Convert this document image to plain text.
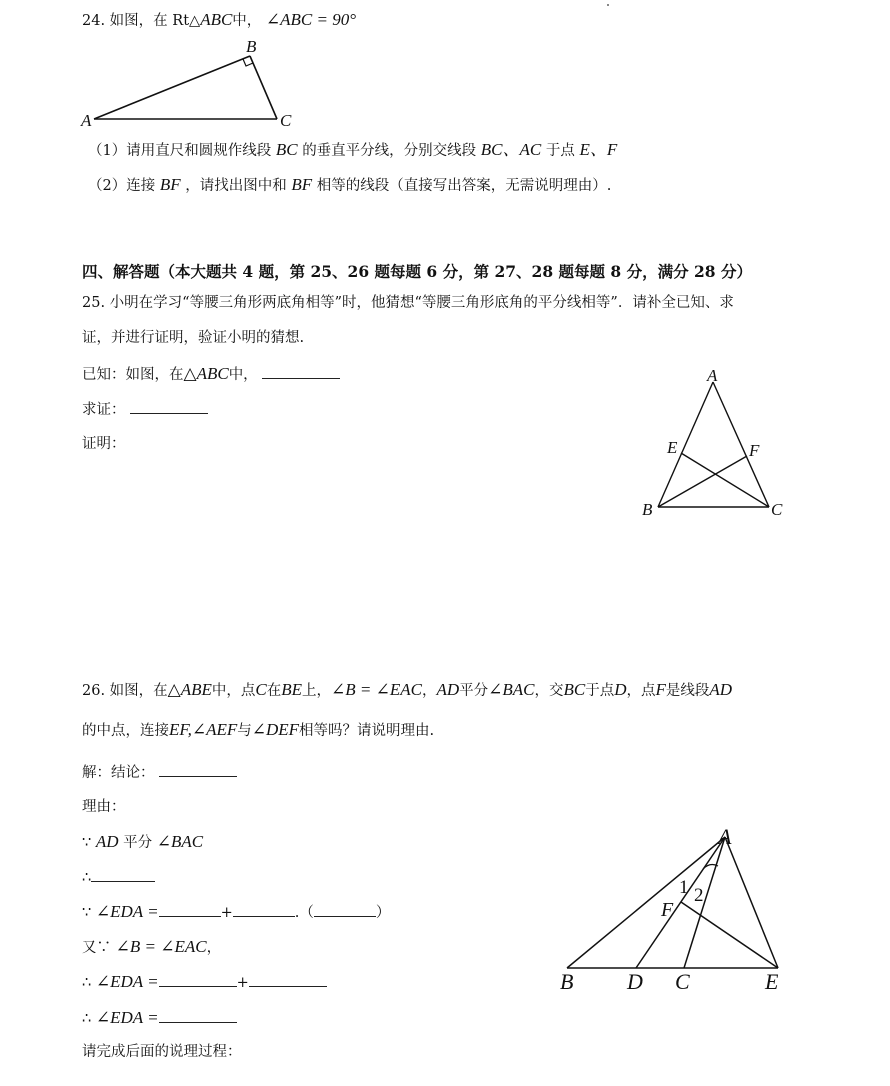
24. 如图，在 Rt△ABC中， ∠ABC = 90°
A
B
C
（1）请用直尺和圆规作线段 BC 的垂直平分线，分别交线段 BC、AC 于点 E、F
（2）连接 BF ，请找出图中和 BF 相等的线段（直接写出答案，无需说明理由）.
四、解答题（本大题共 4 题，第 25、26 题每题 6 分，第 27、28 题每题 8 分，满分 28 分）
25. 小明在学习“等腰三角形两底角相等”时，他猜想“等腰三角形底角的平分线相等”．请补全已知、求
证，并进行证明，验证小明的猜想.
已知：如图，在△ABC中，
求证：
证明：
A
B	C
E	F
26. 如图，在△ABE中，点C在BE上，∠B = ∠EAC，AD平分∠BAC，交BC于点D，点F是线段AD
的中点，连接EF,∠AEF与∠DEF相等吗？请说明理由.
解：结论：
理由：
∵ AD 平分 ∠BAC
∴
∵ ∠EDA =	+	.（	）
又∵ ∠B = ∠EAC，
∴ ∠EDA =	+
∴ ∠EDA =
请完成后面的说理过程：
A
B D C	E
F
1 2
